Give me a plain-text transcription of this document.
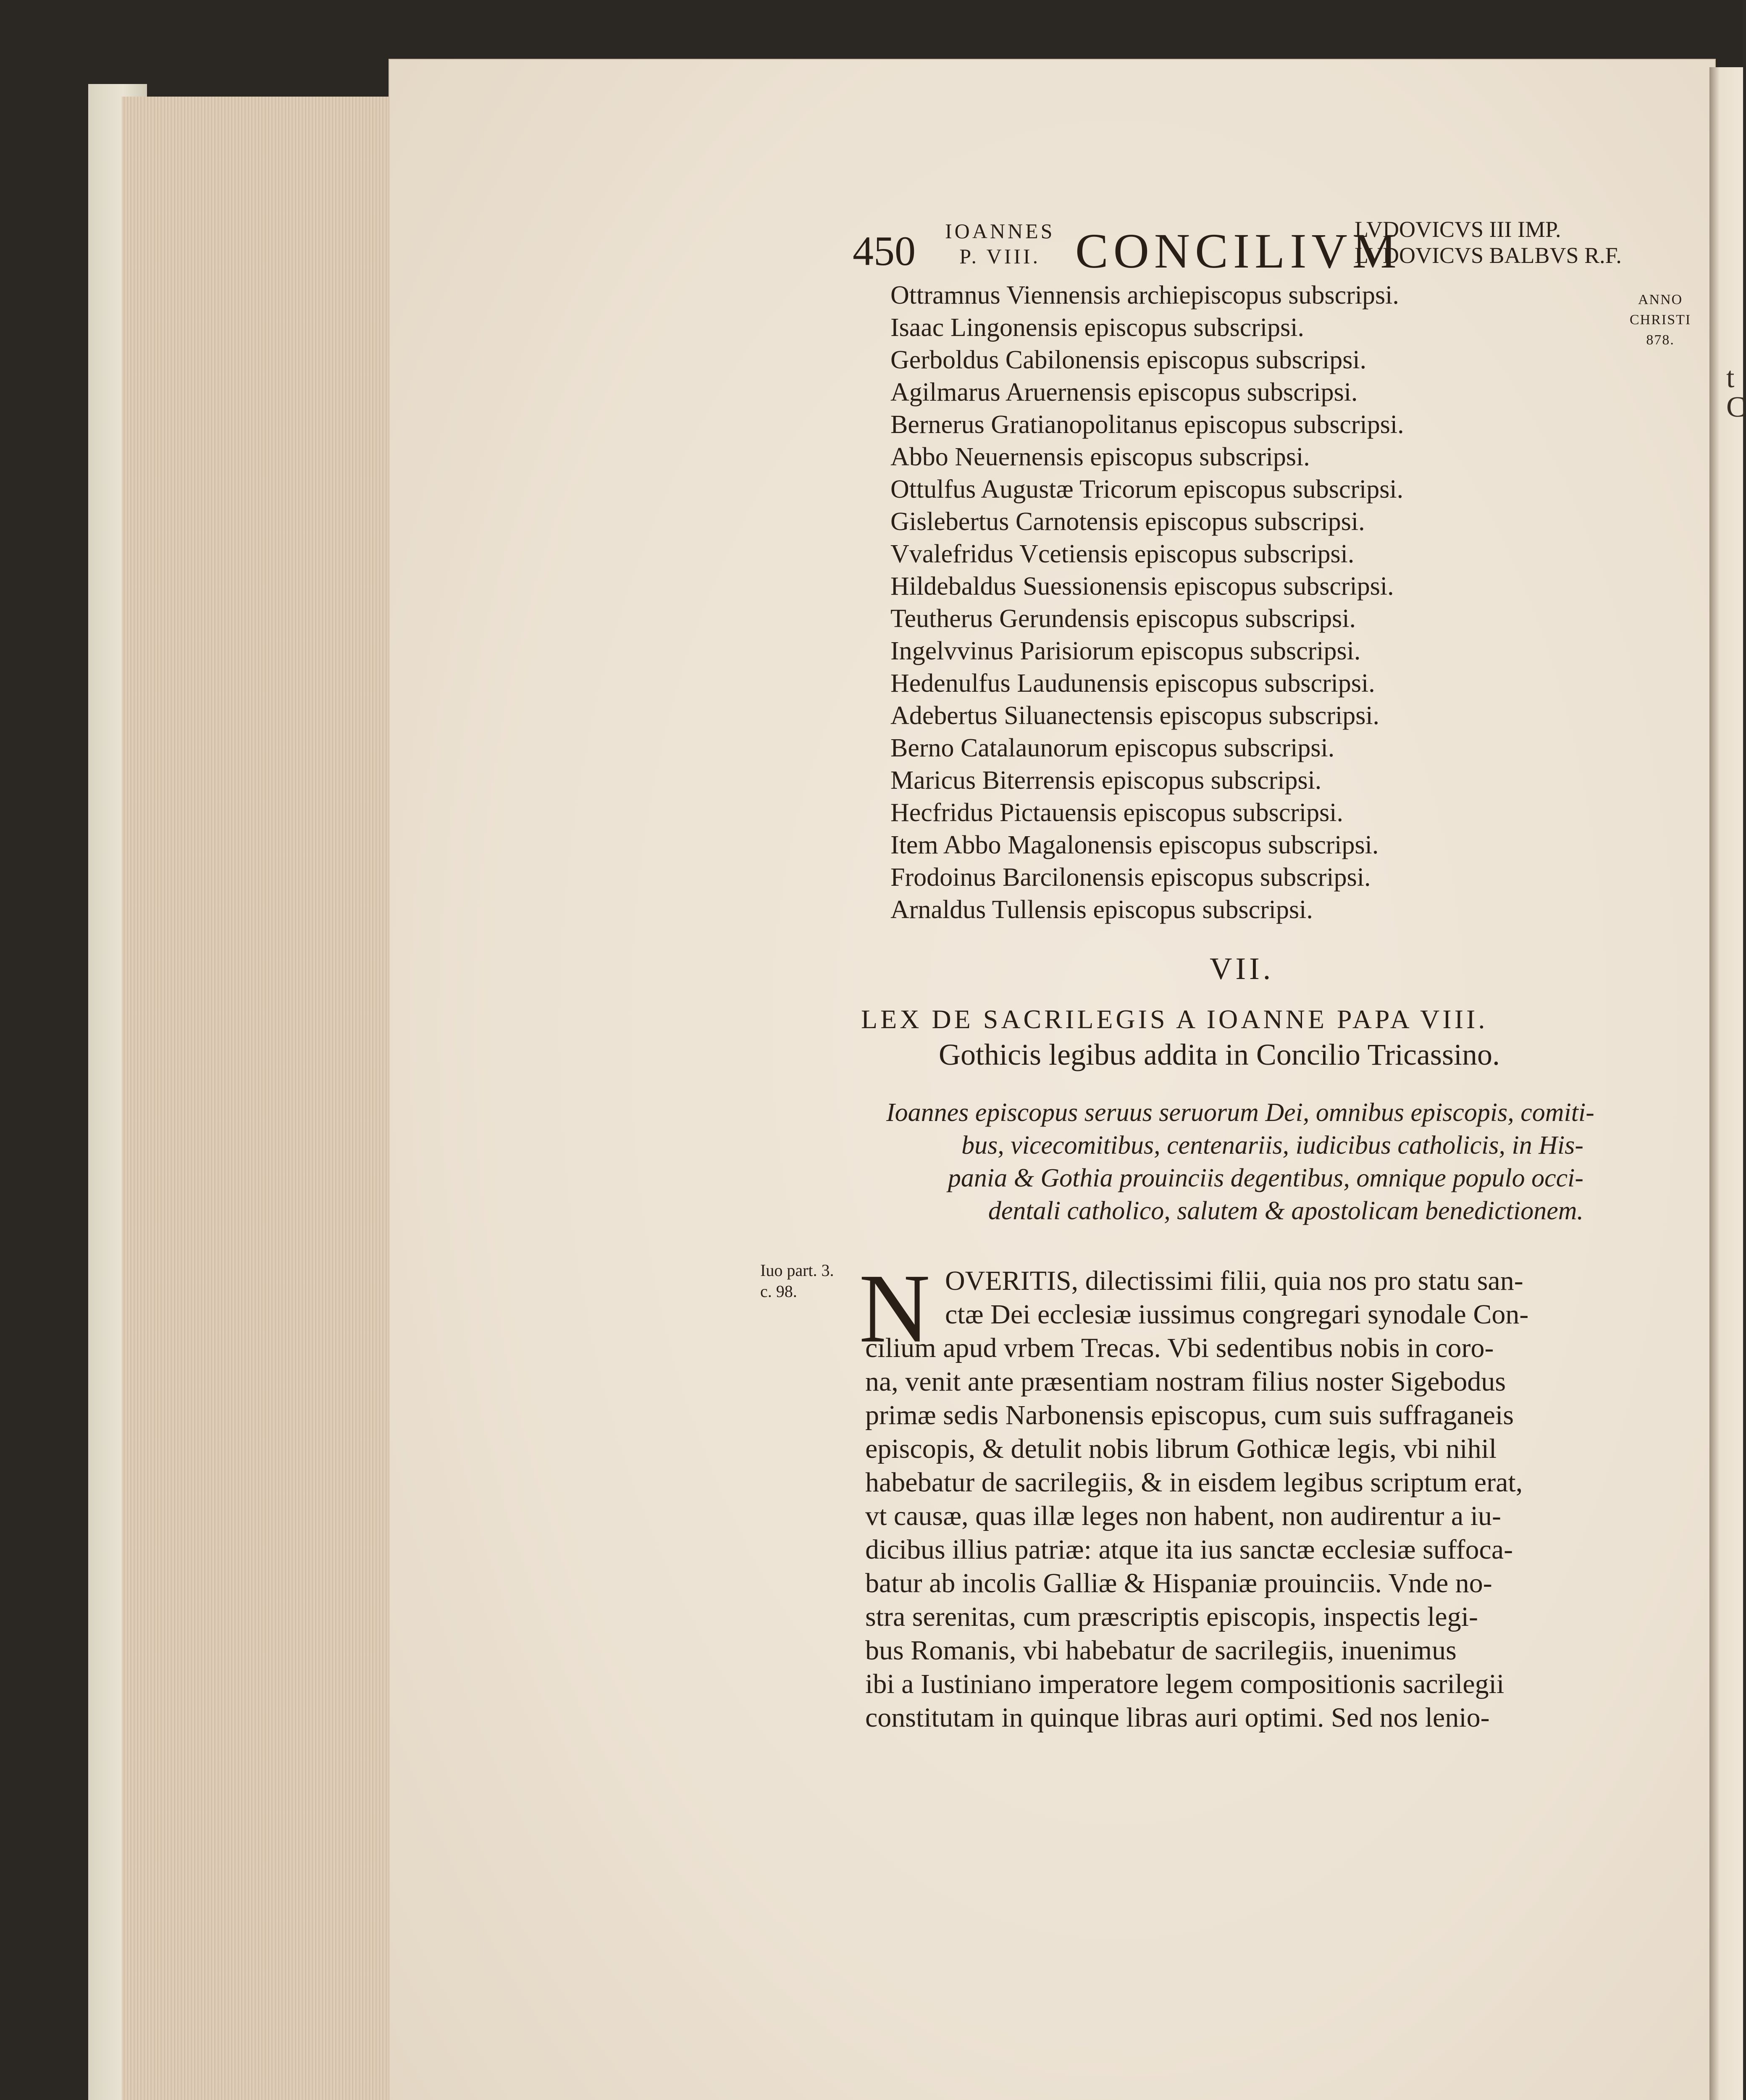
t
C
450 IOANNES
P. VIII. CONCILIVM
LVDOVICVS III IMP.
LVDOVICVS BALBVS R.F.
ANNO
CHRISTI
878.
Ottramnus Viennensis archiepiscopus subscripsi.
Isaac Lingonensis episcopus subscripsi.
Gerboldus Cabilonensis episcopus subscripsi.
Agilmarus Aruernensis episcopus subscripsi.
Bernerus Gratianopolitanus episcopus subscripsi.
Abbo Neuernensis episcopus subscripsi.
Ottulfus Augustæ Tricorum episcopus subscripsi.
Gislebertus Carnotensis episcopus subscripsi.
Vvalefridus Vcetiensis episcopus subscripsi.
Hildebaldus Suessionensis episcopus subscripsi.
Teutherus Gerundensis episcopus subscripsi.
Ingelvvinus Parisiorum episcopus subscripsi.
Hedenulfus Laudunensis episcopus subscripsi.
Adebertus Siluanectensis episcopus subscripsi.
Berno Catalaunorum episcopus subscripsi.
Maricus Biterrensis episcopus subscripsi.
Hecfridus Pictauensis episcopus subscripsi.
Item Abbo Magalonensis episcopus subscripsi.
Frodoinus Barcilonensis episcopus subscripsi.
Arnaldus Tullensis episcopus subscripsi.
VII.
LEX DE SACRILEGIS A IOANNE PAPA VIII.
Gothicis legibus addita in Concilio Tricassino.
Ioannes episcopus seruus seruorum Dei, omnibus episcopis, comiti-
bus, vicecomitibus, centenariis, iudicibus catholicis, in His-
pania & Gothia prouinciis degentibus, omnique populo occi-
dentali catholico, salutem & apostolicam benedictionem.
Iuo part. 3.
c. 98. N OVERITIS, dilectissimi filii, quia nos pro statu san-
ctæ Dei ecclesiæ iussimus congregari synodale Con-
cilium apud vrbem Trecas. Vbi sedentibus nobis in coro-
na, venit ante præsentiam nostram filius noster Sigebodus
primæ sedis Narbonensis episcopus, cum suis suffraganeis
episcopis, & detulit nobis librum Gothicæ legis, vbi nihil
habebatur de sacrilegiis, & in eisdem legibus scriptum erat,
vt causæ, quas illæ leges non habent, non audirentur a iu-
dicibus illius patriæ: atque ita ius sanctæ ecclesiæ suffoca-
batur ab incolis Galliæ & Hispaniæ prouinciis. Vnde no-
stra serenitas, cum præscriptis episcopis, inspectis legi-
bus Romanis, vbi habebatur de sacrilegiis, inuenimus
ibi a Iustiniano imperatore legem compositionis sacrilegii
constitutam in quinque libras auri optimi. Sed nos lenio-
